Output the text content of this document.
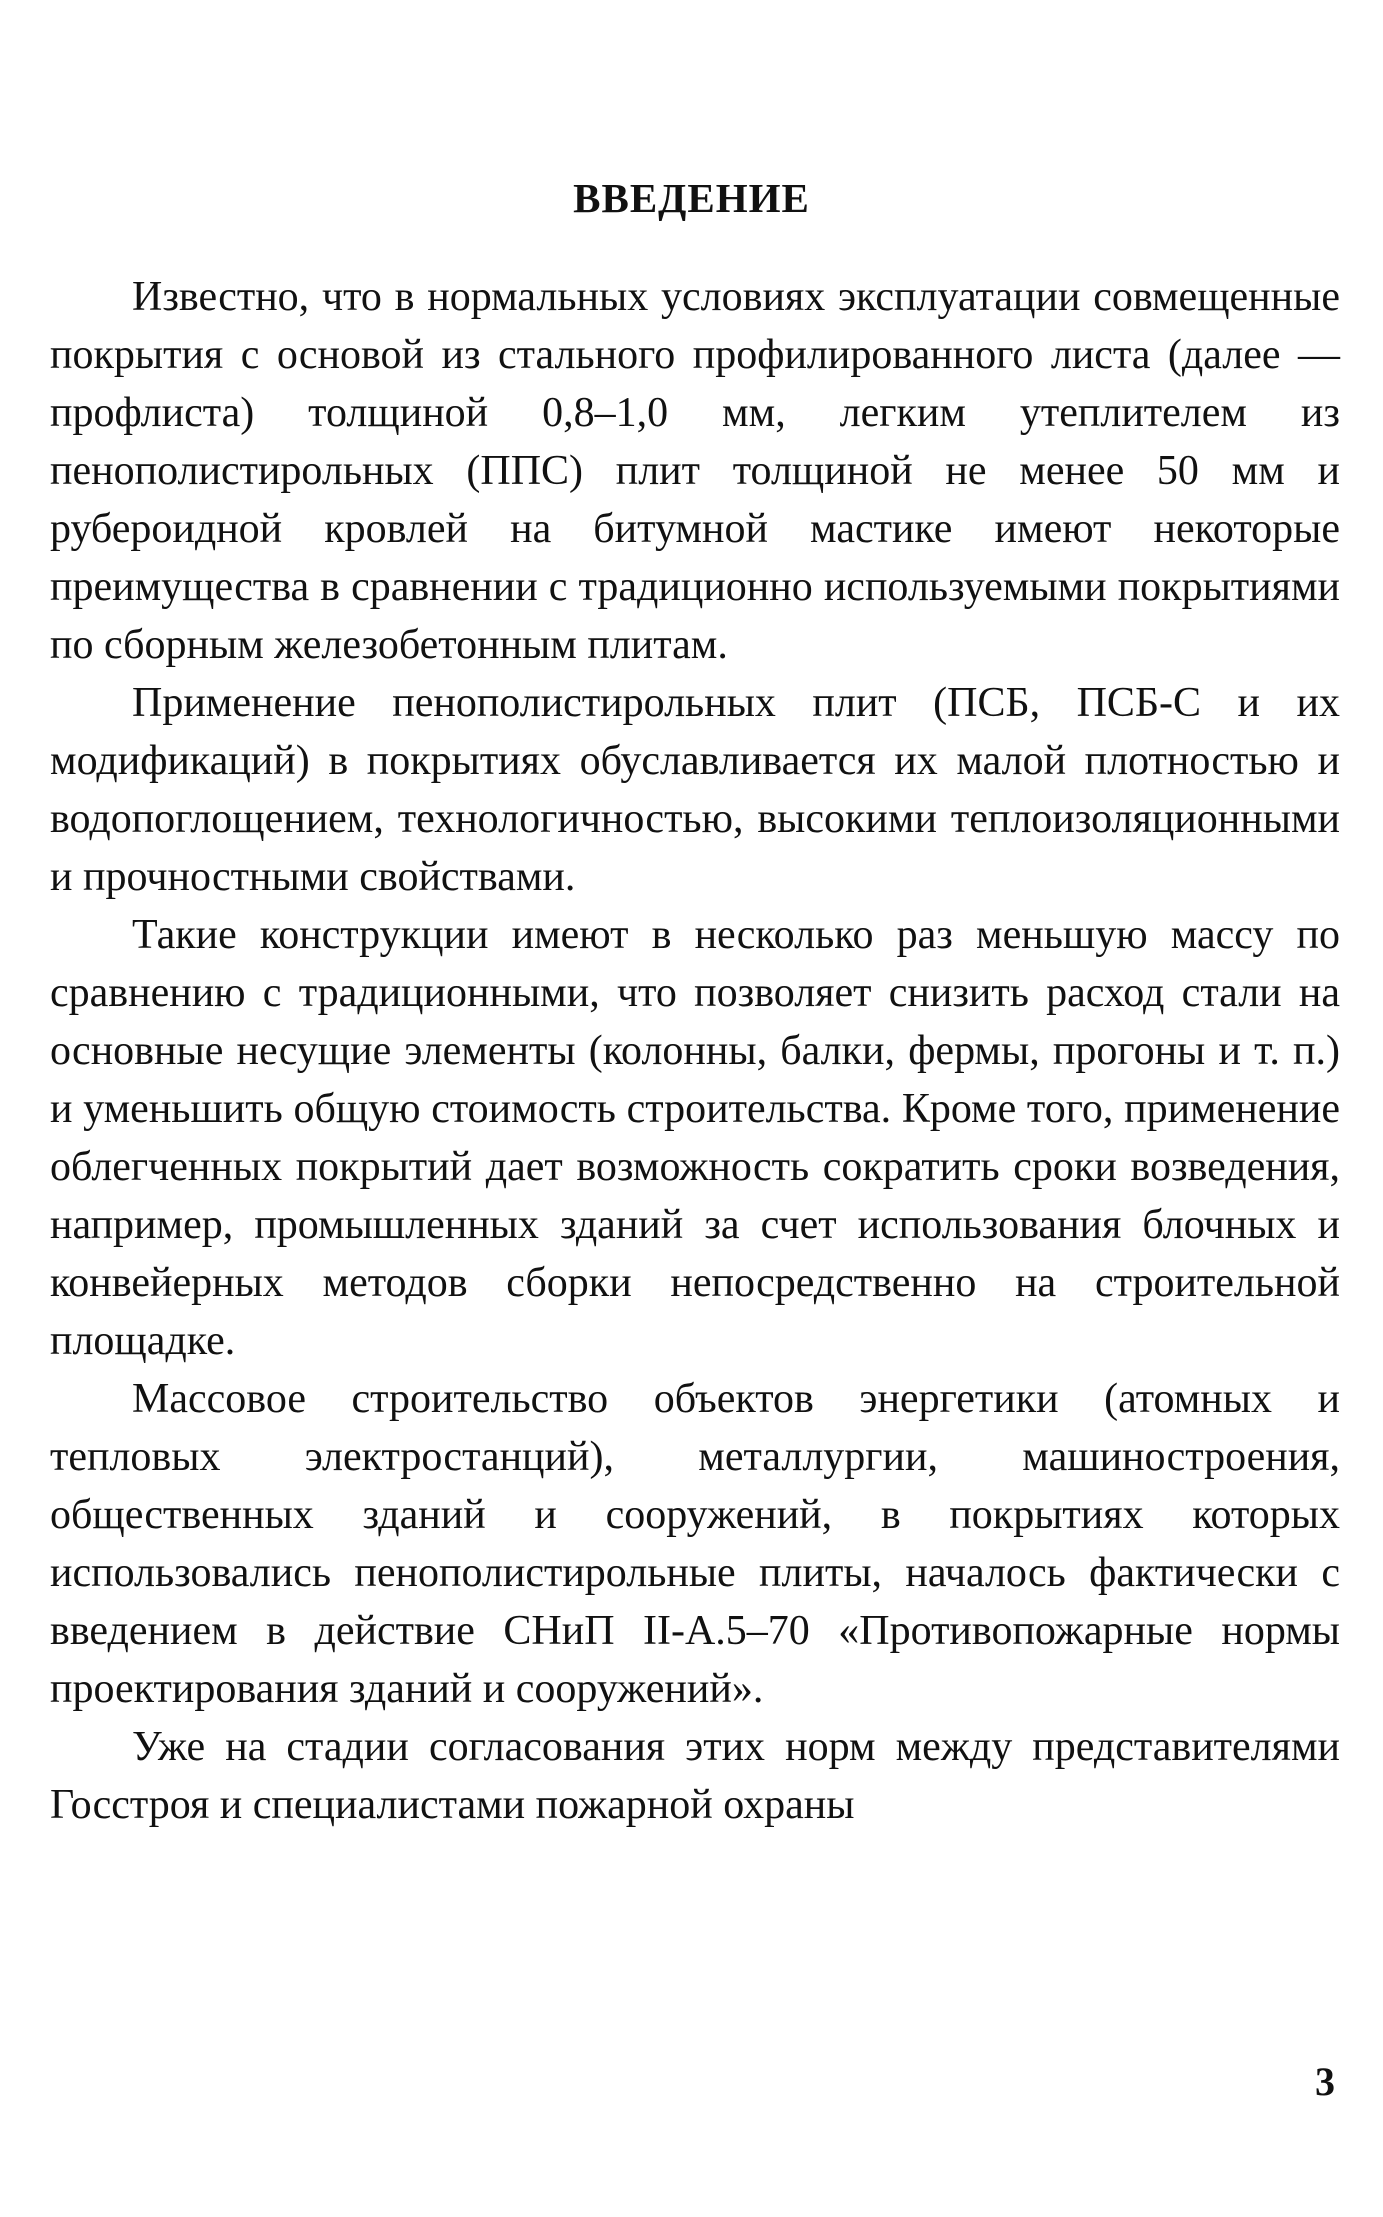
ВВЕДЕНИЕ

Известно, что в нормальных условиях эксплуатации совмещенные покрытия с основой из стального профилированного листа (далее — профлиста) толщиной 0,8–1,0 мм, легким утеплителем из пенополистирольных (ППС) плит толщиной не менее 50 мм и рубероидной кровлей на битумной мастике имеют некоторые преимущества в сравнении с традиционно используемыми покрытиями по сборным железобетонным плитам.

Применение пенополистирольных плит (ПСБ, ПСБ-С и их модификаций) в покрытиях обуславливается их малой плотностью и водопоглощением, технологичностью, высокими теплоизоляционными и прочностными свойствами.

Такие конструкции имеют в несколько раз меньшую массу по сравнению с традиционными, что позволяет снизить расход стали на основные несущие элементы (колонны, балки, фермы, прогоны и т. п.) и уменьшить общую стоимость строительства. Кроме того, применение облегченных покрытий дает возможность сократить сроки возведения, например, промышленных зданий за счет использования блочных и конвейерных методов сборки непосредственно на строительной площадке.

Массовое строительство объектов энергетики (атомных и тепловых электростанций), металлургии, машиностроения, общественных зданий и сооружений, в покрытиях которых использовались пенополистирольные плиты, началось фактически с введением в действие СНиП II-А.5–70 «Противопожарные нормы проектирования зданий и сооружений».

Уже на стадии согласования этих норм между представителями Госстроя и специалистами пожарной охраны

3
